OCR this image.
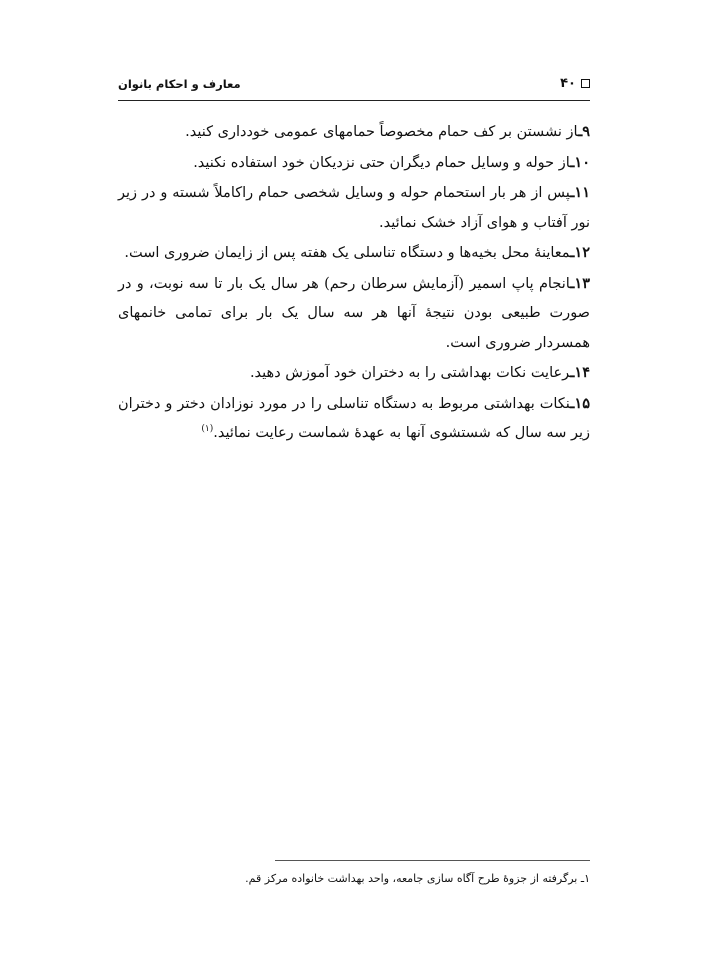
۴۰
معارف و احکام بانوان

۹ـاز نشستن بر کف حمام مخصوصاً حمامهای عمومی خودداری کنید.

۱۰ـاز حوله و وسایل حمام دیگران حتی نزدیکان خود استفاده نکنید.

۱۱ـپس از هر بار استحمام حوله و وسایل شخصی حمام راکاملاً شسته و در زیر نور آفتاب و هوای آزاد خشک نمائید.

۱۲ـمعاینهٔ محل بخیه‌ها و دستگاه تناسلی یک هفته پس از زایمان ضروری است.

۱۳ـانجام پاپ اسمیر (آزمایش سرطان رحم) هر سال یک بار تا سه نوبت، و در صورت طبیعی بودن نتیجهٔ آنها هر سه سال یک بار برای تمامی خانمهای همسردار ضروری است.

۱۴ـرعایت نکات بهداشتی را به دختران خود آموزش دهید.

۱۵ـنکات بهداشتی مربوط به دستگاه تناسلی را در مورد نوزادان دختر و دختران زیر سه سال که شستشوی آنها به عهدهٔ شماست رعایت نمائید.$^{(۱)}$

۱ـ برگرفته از جزوهٔ طرح آگاه سازی جامعه، واحد بهداشت خانواده مرکز قم.
